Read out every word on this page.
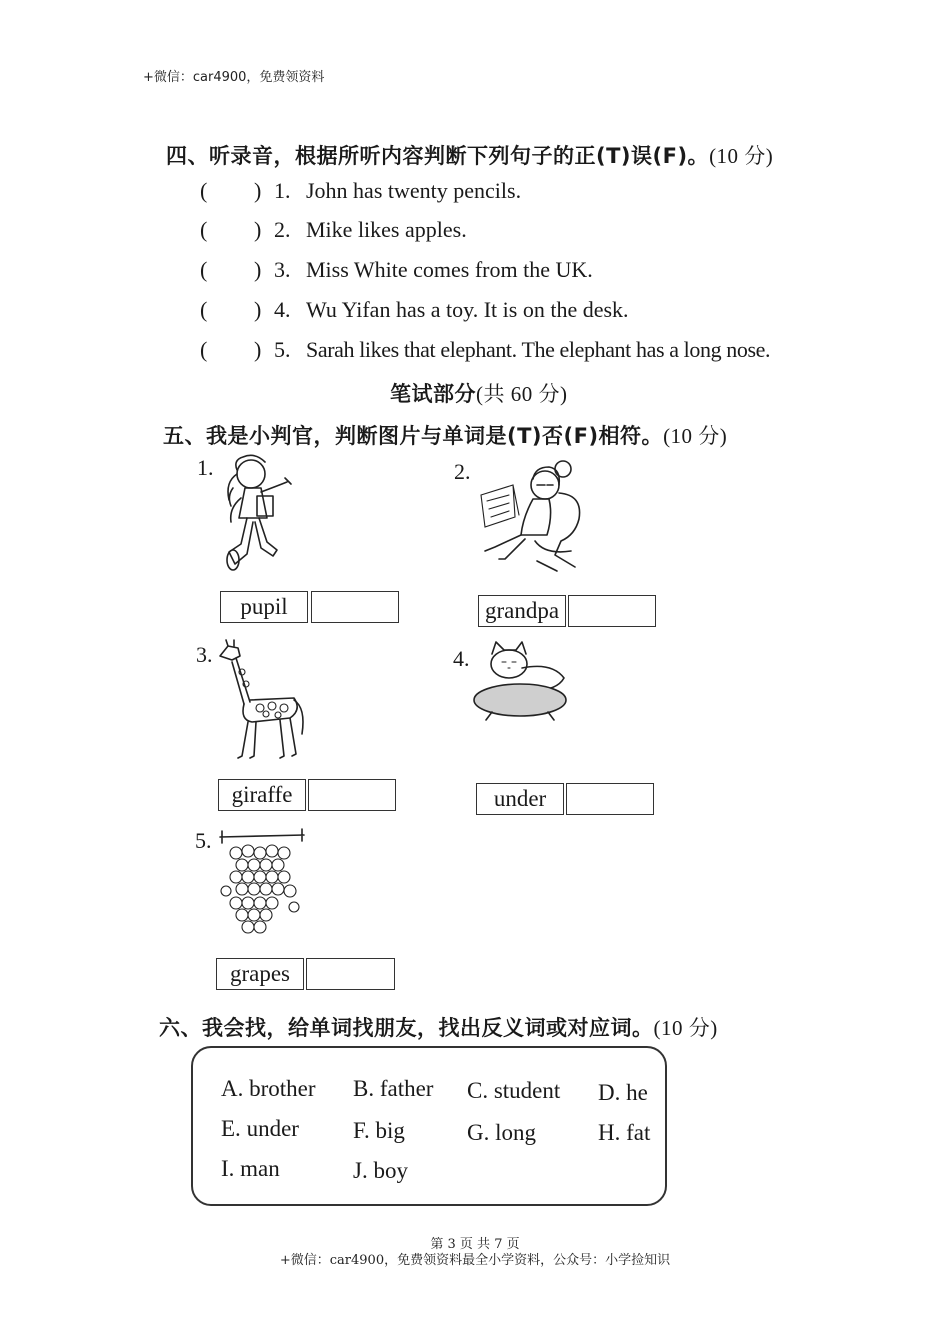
+微信：car4900，免费领资料
四、听录音，根据所听内容判断下列句子的正(T)误(F)。(10 分)
( ) 1. John has twenty pencils.
( ) 2. Mike likes apples.
( ) 3. Miss White comes from the UK.
( ) 4. Wu Yifan has a toy. It is on the desk.
( ) 5. Sarah likes that elephant. The elephant has a long nose.
笔试部分(共 60 分)
五、我是小判官，判断图片与单词是(T)否(F)相符。(10 分)
1.
pupil
2.
grandpa
3.
giraffe
4.
under
5.
grapes
六、我会找，给单词找朋友，找出反义词或对应词。(10 分)
A. brother B. father C. student D. he
E. under F. big	G. long	H. fat
I. man	J. boy
第 3 页 共 7 页
+微信：car4900，免费领资料最全小学资料，公众号：小学捡知识
